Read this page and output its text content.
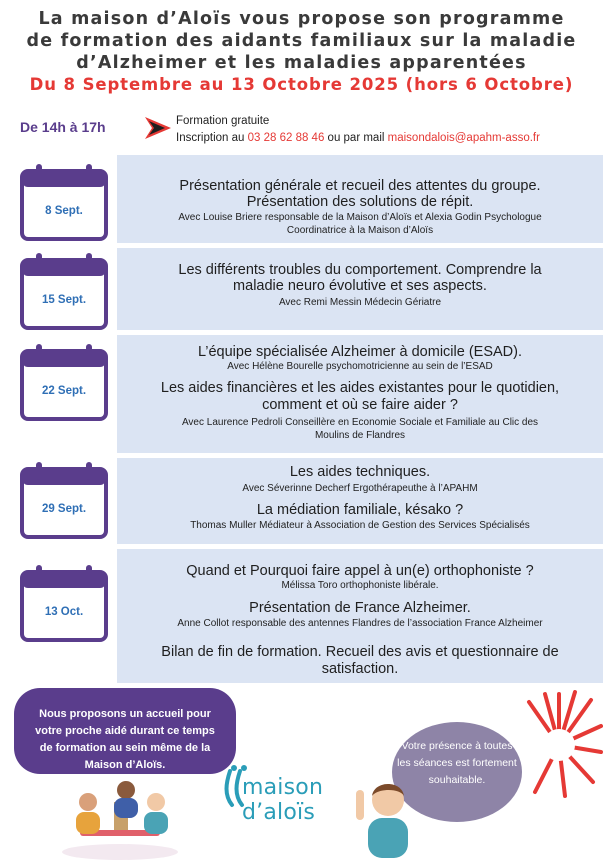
La maison d’Aloïs vous propose son programme
de formation des aidants familiaux sur la maladie
d’Alzheimer et les maladies apparentées
Du 8 Septembre au 13 Octobre 2025 (hors 6 Octobre)
De 14h à 17h	Formation gratuite
Inscription au 03 28 62 88 46 ou par mail maisondalois@apahm-asso.fr
Présentation générale et recueil des attentes du groupe.
Présentation des solutions de répit.
Avec Louise Briere responsable de la Maison d’Aloïs et Alexia Godin Psychologue
Coordinatrice à la Maison d’Aloïs
8 Sept.
Les différents troubles du comportement. Comprendre la
maladie neuro évolutive et ses aspects.
Avec Remi Messin Médecin Gériatre
15 Sept.
L’équipe spécialisée Alzheimer à domicile (ESAD).
Avec Hélène Bourelle psychomotricienne au sein de l’ESAD
Les aides financières et les aides existantes pour le quotidien,
comment et où se faire aider ?
Avec Laurence Pedroli Conseillère en Economie Sociale et Familiale au Clic des
Moulins de Flandres
22 Sept.
Les aides techniques.
Avec Séverinne Decherf Ergothérapeuthe à l’APAHM
La médiation familiale, késako ?
Thomas Muller Médiateur à Association de Gestion des Services Spécialisés
29 Sept.
Quand et Pourquoi faire appel à un(e) orthophoniste ?
Mélissa Toro orthophoniste libérale.
Présentation de France Alzheimer.
Anne Collot responsable des antennes Flandres de l’association France Alzheimer
Bilan de fin de formation. Recueil des avis et questionnaire de
satisfaction.
13 Oct.
Nous proposons un accueil pour
votre proche aidé durant ce temps
de formation au sein même de la
Maison d’Aloïs.
maison d’aloïs
Votre présence à toutes
les séances est fortement
souhaitable.
